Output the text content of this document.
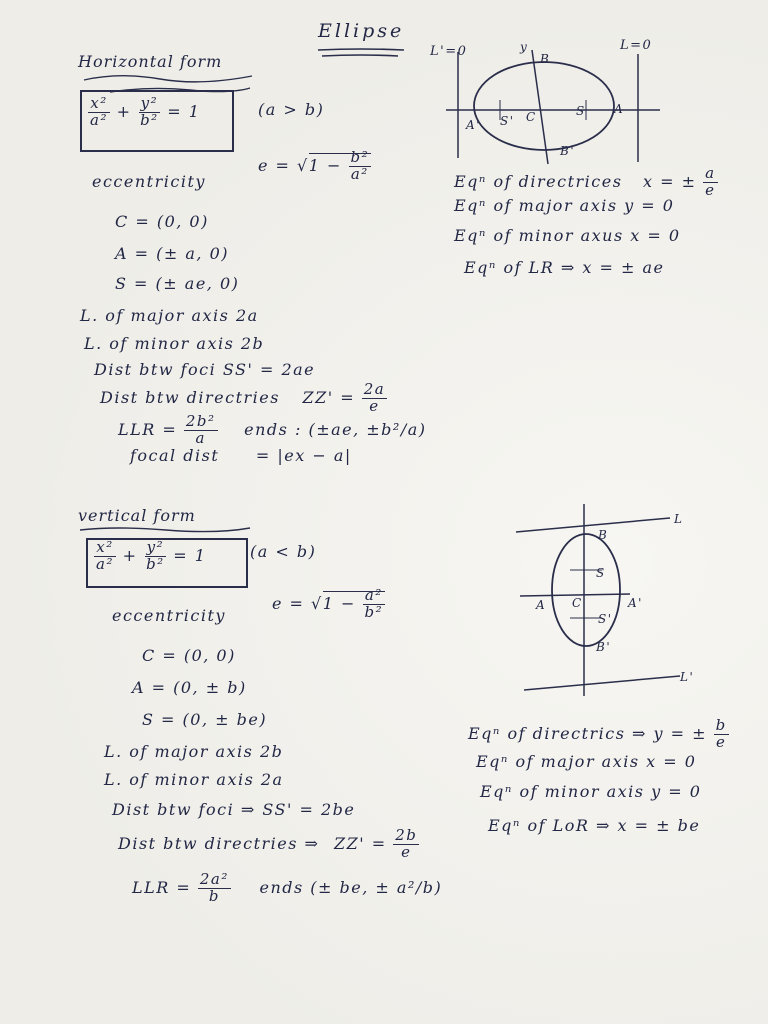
Ellipse
Horizontal form
$\frac{\text{x²}}{\text{a²}} + \frac{\text{y²}}{\text{b²}} = 1$	(a > b)
eccentricity
$e = √1 - \frac{\text{b²}}{\text{a²}}$
C = (0, 0)
A = (± a, 0)
S = (± ae, 0)
L. of major axis 2a
L. of minor axis 2b
Dist btw foci SS' = 2ae
Dist btw directries $ZZ' = \frac{2a}{e}$
LLR = $\frac{\text{2b²}}{a}$ ends : (±ae, ±b²/a)
focal dist = |ex − a|
L'=0	L=0
y
B
B'
A
A'
S
S' C
Eqⁿ of directrices x = ± $\frac{a}{e}$
Eqⁿ of major axis y = 0
Eqⁿ of minor axus x = 0
Eqⁿ of LR ⇒ x = ± ae
vertical form
$\frac{\text{x²}}{\text{a²}} + \frac{\text{y²}}{\text{b²}} = 1$	(a < b)
eccentricity
$e = √1 - \frac{\text{a²}}{\text{b²}}$
C = (0, 0)
A = (0, ± b)
S = (0, ± be)
L. of major axis 2b
L. of minor axis 2a
Dist btw foci ⇒ SS' = 2be
Dist btw directries ⇒ $ZZ' = \frac{2b}{e}$
LLR = $\frac{\text{2a²}}{b}$ ends (± be, ± a²/b)
L
L'
B
B'
A	A'
S
S'
C
Eqⁿ of directrics ⇒ y = ± $\frac{b}{e}$
Eqⁿ of major axis x = 0
Eqⁿ of minor axis y = 0
Eqⁿ of LoR ⇒ x = ± be
